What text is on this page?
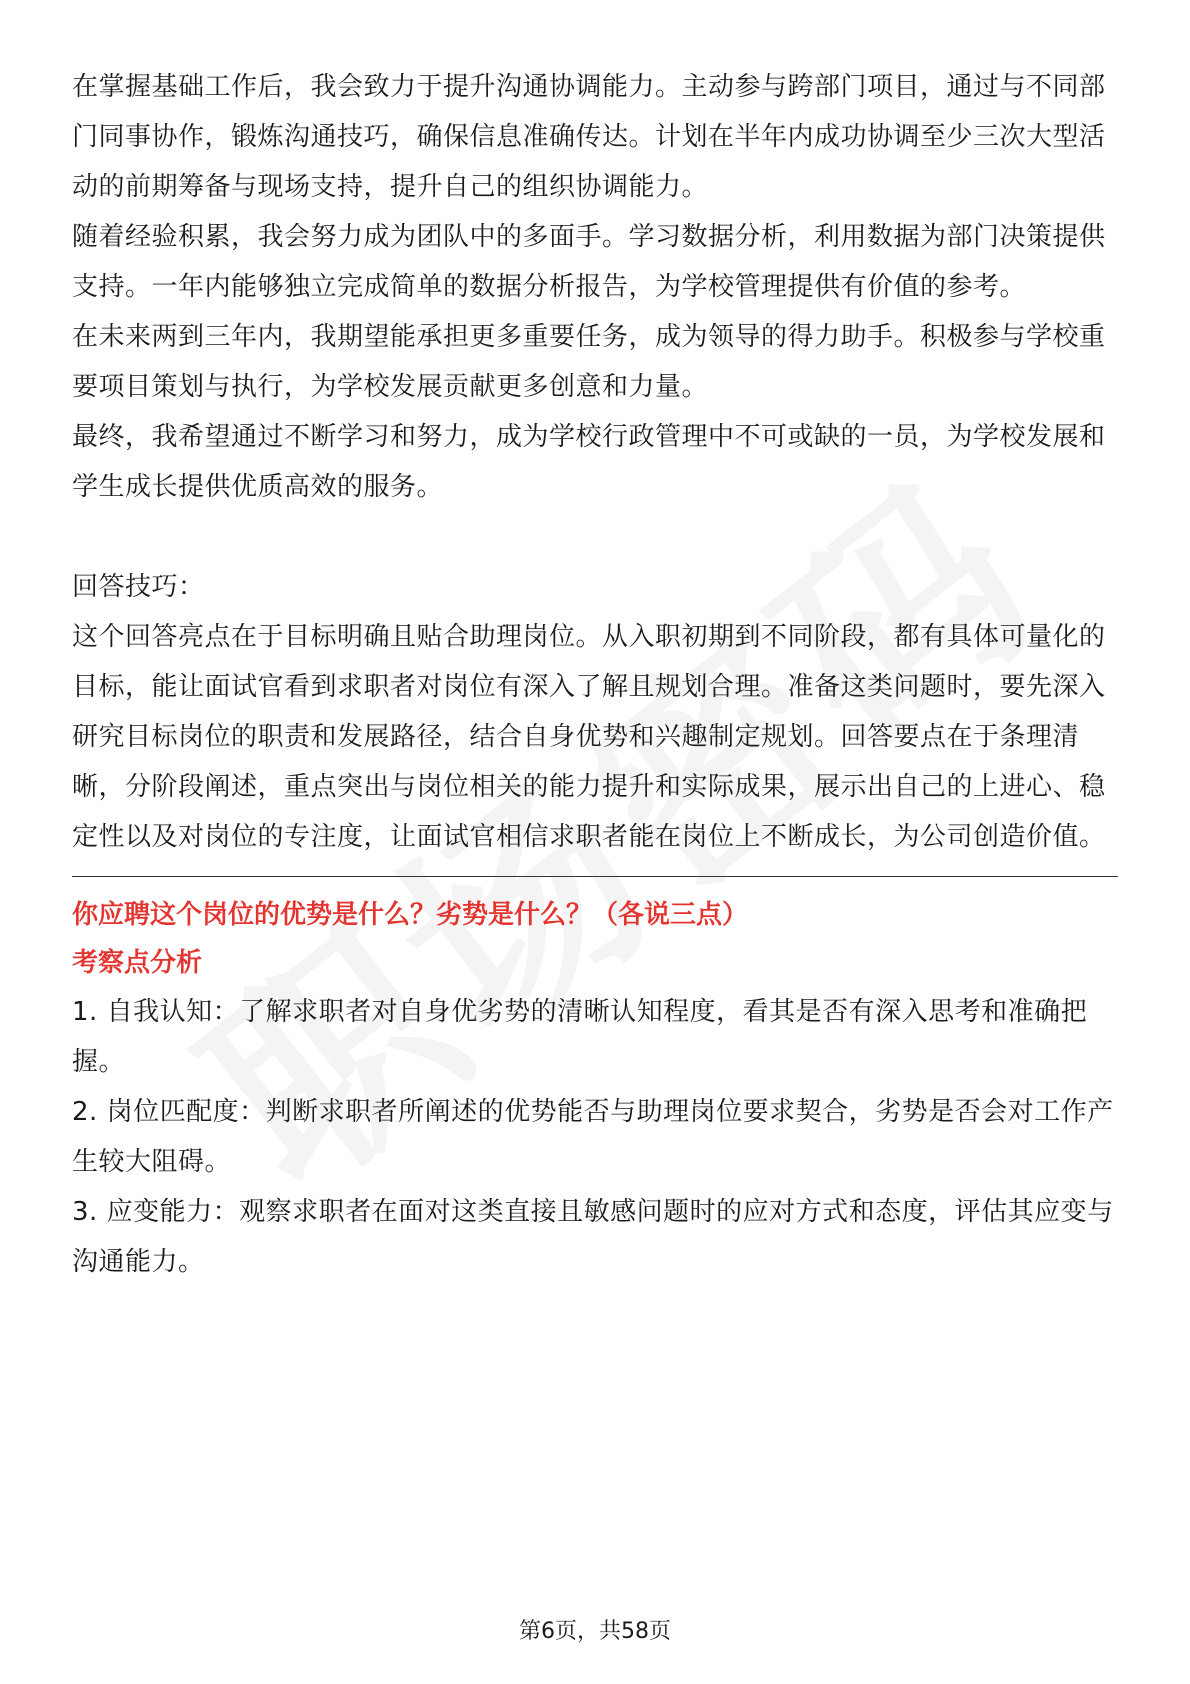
在掌握基础工作后，我会致力于提升沟通协调能力。主动参与跨部门项目，通过与不同部门同事协作，锻炼沟通技巧，确保信息准确传达。计划在半年内成功协调至少三次大型活动的前期筹备与现场支持，提升自己的组织协调能力。

随着经验积累，我会努力成为团队中的多面手。学习数据分析，利用数据为部门决策提供支持。一年内能够独立完成简单的数据分析报告，为学校管理提供有价值的参考。

在未来两到三年内，我期望能承担更多重要任务，成为领导的得力助手。积极参与学校重要项目策划与执行，为学校发展贡献更多创意和力量。

最终，我希望通过不断学习和努力，成为学校行政管理中不可或缺的一员，为学校发展和学生成长提供优质高效的服务。

回答技巧：

这个回答亮点在于目标明确且贴合助理岗位。从入职初期到不同阶段，都有具体可量化的目标，能让面试官看到求职者对岗位有深入了解且规划合理。准备这类问题时，要先深入研究目标岗位的职责和发展路径，结合自身优势和兴趣制定规划。回答要点在于条理清晰，分阶段阐述，重点突出与岗位相关的能力提升和实际成果，展示出自己的上进心、稳定性以及对岗位的专注度，让面试官相信求职者能在岗位上不断成长，为公司创造价值。

你应聘这个岗位的优势是什么？劣势是什么？（各说三点）
考察点分析

1. 自我认知：了解求职者对自身优劣势的清晰认知程度，看其是否有深入思考和准确把握。

2. 岗位匹配度：判断求职者所阐述的优势能否与助理岗位要求契合，劣势是否会对工作产生较大阻碍。

3. 应变能力：观察求职者在面对这类直接且敏感问题时的应对方式和态度，评估其应变与沟通能力。

第6页，共58页
